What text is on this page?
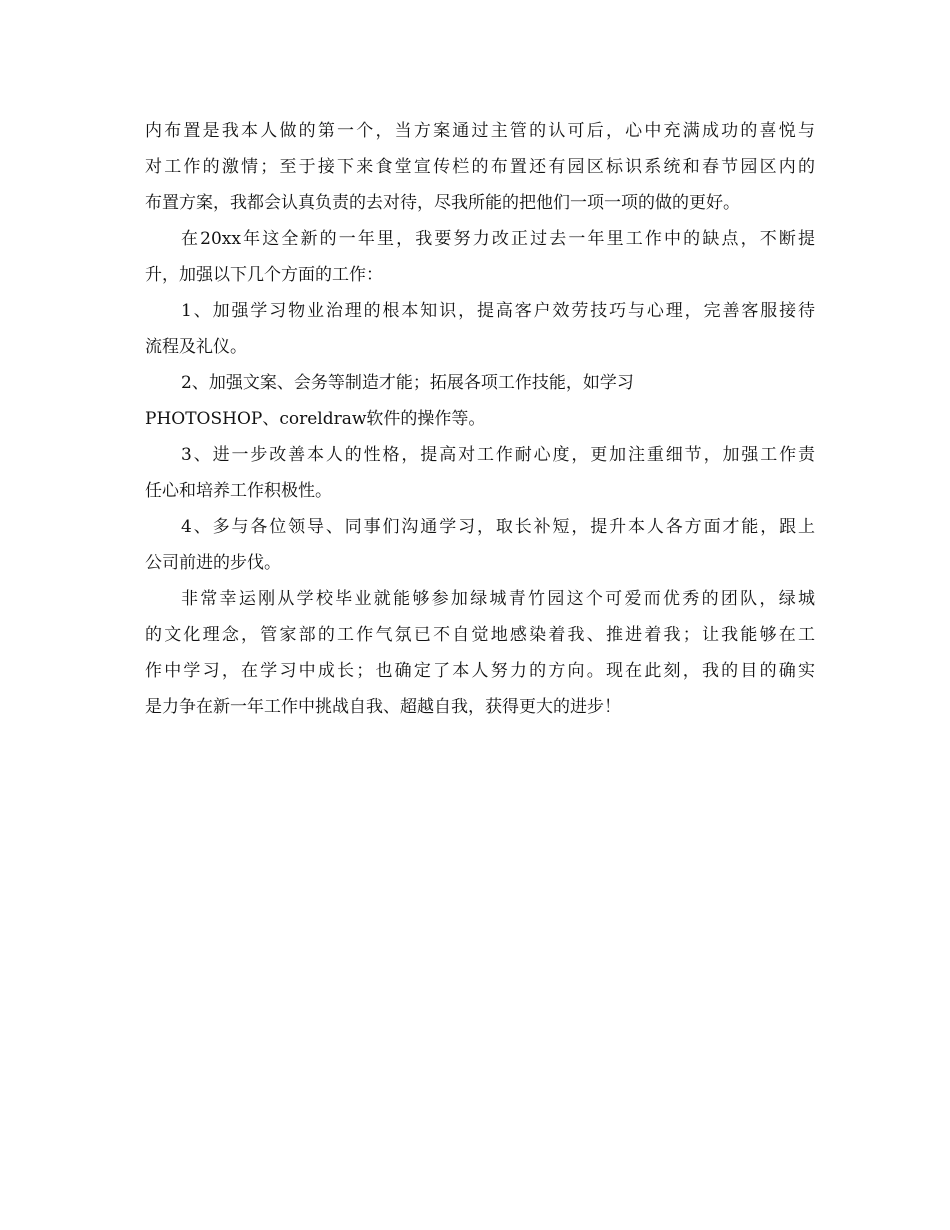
内布置是我本人做的第一个，当方案通过主管的认可后，心中充满成功的喜悦与
对工作的激情；至于接下来食堂宣传栏的布置还有园区标识系统和春节园区内的
布置方案，我都会认真负责的去对待，尽我所能的把他们一项一项的做的更好。
在20xx年这全新的一年里，我要努力改正过去一年里工作中的缺点，不断提
升，加强以下几个方面的工作：
1、加强学习物业治理的根本知识，提高客户效劳技巧与心理，完善客服接待
流程及礼仪。
2、加强文案、会务等制造才能；拓展各项工作技能，如学习
PHOTOSHOP、coreldraw软件的操作等。
3、进一步改善本人的性格，提高对工作耐心度，更加注重细节，加强工作责
任心和培养工作积极性。
4、多与各位领导、同事们沟通学习，取长补短，提升本人各方面才能，跟上
公司前进的步伐。
非常幸运刚从学校毕业就能够参加绿城青竹园这个可爱而优秀的团队，绿城
的文化理念，管家部的工作气氛已不自觉地感染着我、推进着我；让我能够在工
作中学习，在学习中成长；也确定了本人努力的方向。现在此刻，我的目的确实
是力争在新一年工作中挑战自我、超越自我，获得更大的进步！
